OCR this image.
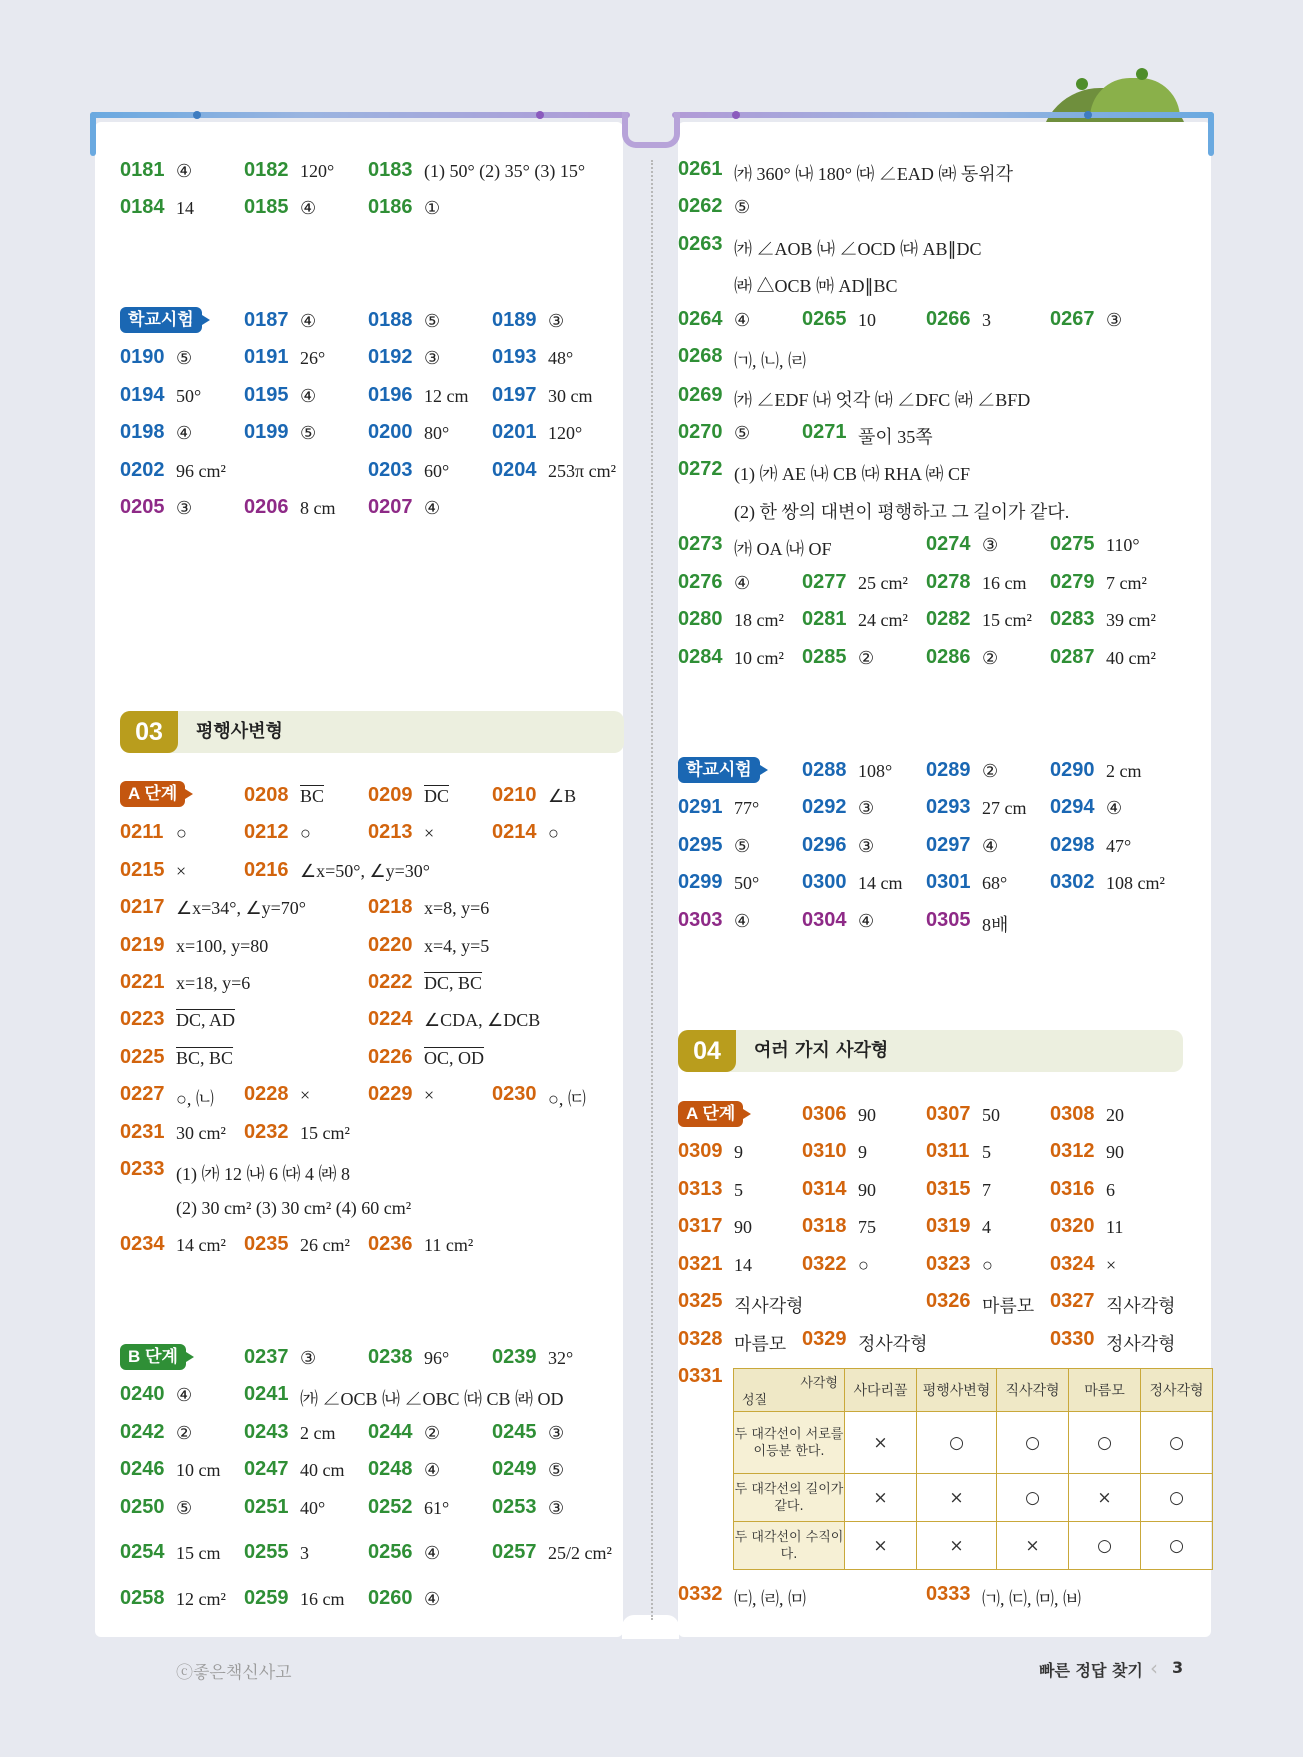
학교시험
03	평행사변형
A 단계
B 단계
학교시험
04	여러 가지 사각형
A 단계
사각형
성질	사다리꼴	평행사변형	직사각형	마름모	정사각형
두 대각선이 서로를 이등분 한다.	×	○	○	○	○
두 대각선의 길이가 같다.	×	×	○	×	○
두 대각선이 수직이다.	×	×	×	○	○
ⓒ좋은책신사고	빠른 정답 찾기 ‹ 3
0181 ④	0182 120° 0183 (1) 50° (2) 35° (3) 15°
0184 14	0185 ④	0186 ①
0187 ④	0188 ⑤	0189 ③
0190 ⑤	0191 26° 0192 ③	0193 48°
0194 50° 0195 ④	0196 12 cm 0197 30 cm
0198 ④	0199 ⑤	0200 80° 0201 120°
0202 96 cm²	0203 60° 0204 253π cm²
0205 ③	0206 8 cm 0207 ④
0208 $\overline{BC}$ 0209 $\overline{DC}$ 0210 ∠B
0211 ○	0212 ○	0213 ×	0214 ○
0215 ×	0216 ∠x=50°, ∠y=30°
0217 ∠x=34°, ∠y=70°	0218 x=8, y=6
0219 x=100, y=80	0220 x=4, y=5
0221 x=18, y=6	0222 DC, BC
0223 DC, AD	0224 ∠CDA, ∠DCB
0225 BC, BC	0226 OC, OD
0227 ○, ㈁ 0228 ×	0229 ×	0230 ○, ㈂
0231 30 cm² 0232 15 cm²
0233 (1) ㈎ 12 ㈏ 6 ㈐ 4 ㈑ 8
(2) 30 cm² (3) 30 cm² (4) 60 cm²
0234 14 cm² 0235 26 cm² 0236 11 cm²
0237 ③	0238 96° 0239 32°
0240 ④	0241 ㈎ ∠OCB ㈏ ∠OBC ㈐ CB ㈑ OD
0242 ②	0243 2 cm 0244 ②	0245 ③
0246 10 cm 0247 40 cm 0248 ④	0249 ⑤
0250 ⑤	0251 40° 0252 61° 0253 ③
0254 15 cm 0255 3	0256 ④	0257 25/2 cm²
0258 12 cm² 0259 16 cm 0260 ④
0261 ㈎ 360° ㈏ 180° ㈐ ∠EAD ㈑ 동위각
0262 ⑤
0263 ㈎ ∠AOB ㈏ ∠OCD ㈐ AB∥DC
㈑ △OCB ㈒ AD∥BC
0264 ④	0265 10	0266 3	0267 ③
0268 ㈀, ㈁, ㈃
0269 ㈎ ∠EDF ㈏ 엇각 ㈐ ∠DFC ㈑ ∠BFD
0270 ⑤	0271 풀이 35쪽
0272 (1) ㈎ AE ㈏ CB ㈐ RHA ㈑ CF
(2) 한 쌍의 대변이 평행하고 그 길이가 같다.
0273 ㈎ OA ㈏ OF	0274 ③	0275 110°
0276 ④	0277 25 cm² 0278 16 cm 0279 7 cm²
0280 18 cm² 0281 24 cm² 0282 15 cm² 0283 39 cm²
0284 10 cm² 0285 ②	0286 ②	0287 40 cm²
0288 108° 0289 ②	0290 2 cm
0291 77° 0292 ③	0293 27 cm 0294 ④
0295 ⑤	0296 ③	0297 ④	0298 47°
0299 50° 0300 14 cm 0301 68° 0302 108 cm²
0303 ④	0304 ④	0305 8배
0306 90	0307 50	0308 20
0309 9	0310 9	0311 5	0312 90
0313 5	0314 90	0315 7	0316 6
0317 90	0318 75	0319 4	0320 11
0321 14	0322 ○	0323 ○	0324 ×
0325 직사각형	0326 마름모 0327 직사각형
0328 마름모 0329 정사각형	0330 정사각형
0331
0332 ㈂, ㈃, ㈄	0333 ㈀, ㈂, ㈄, ㈅
